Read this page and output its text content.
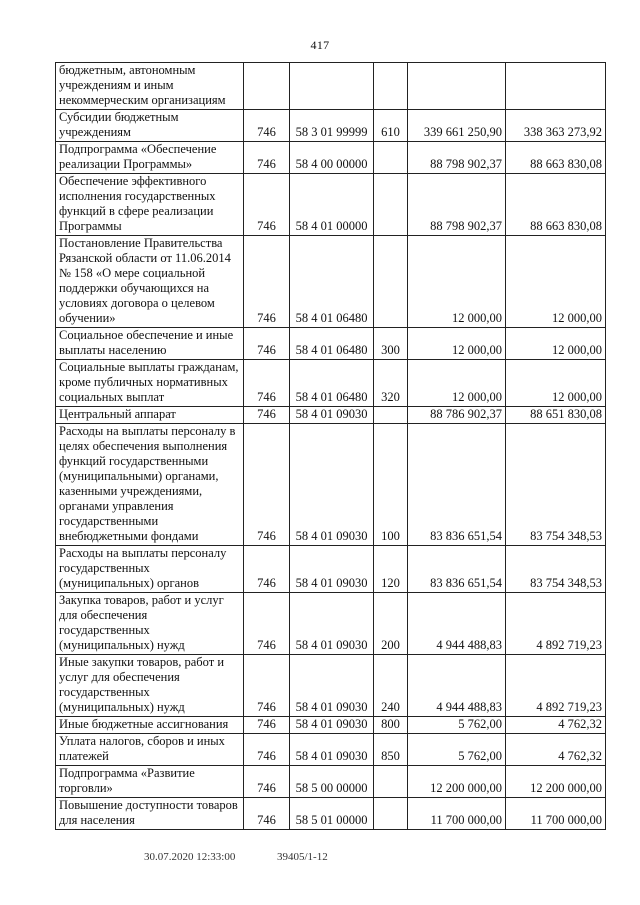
417
бюджетным, автономным учреждениям и иным некоммерческим организациям					
Субсидии бюджетным учреждениям	746	58 3 01 99999	610	339 661 250,90	338 363 273,92
Подпрограмма «Обеспечение реализации Программы»	746	58 4 00 00000		88 798 902,37	88 663 830,08
Обеспечение эффективного исполнения государственных функций в сфере реализации Программы	746	58 4 01 00000		88 798 902,37	88 663 830,08
Постановление Правительства Рязанской области от 11.06.2014 № 158 «О мере социальной поддержки обучающихся на условиях договора о целевом обучении»	746	58 4 01 06480		12 000,00	12 000,00
Социальное обеспечение и иные выплаты населению	746	58 4 01 06480	300	12 000,00	12 000,00
Социальные выплаты гражданам, кроме публичных нормативных социальных выплат	746	58 4 01 06480	320	12 000,00	12 000,00
Центральный аппарат	746	58 4 01 09030		88 786 902,37	88 651 830,08
Расходы на выплаты персоналу в целях обеспечения выполнения функций государственными (муниципальными) органами, казенными учреждениями, органами управления государственными внебюджетными фондами	746	58 4 01 09030	100	83 836 651,54	83 754 348,53
Расходы на выплаты персоналу государственных (муниципальных) органов	746	58 4 01 09030	120	83 836 651,54	83 754 348,53
Закупка товаров, работ и услуг для обеспечения государственных (муниципальных) нужд	746	58 4 01 09030	200	4 944 488,83	4 892 719,23
Иные закупки товаров, работ и услуг для обеспечения государственных (муниципальных) нужд	746	58 4 01 09030	240	4 944 488,83	4 892 719,23
Иные бюджетные ассигнования	746	58 4 01 09030	800	5 762,00	4 762,32
Уплата налогов, сборов и иных платежей	746	58 4 01 09030	850	5 762,00	4 762,32
Подпрограмма «Развитие торговли»	746	58 5 00 00000		12 200 000,00	12 200 000,00
Повышение доступности товаров для населения	746	58 5 01 00000		11 700 000,00	11 700 000,00
30.07.2020 12:33:00	39405/1-12
